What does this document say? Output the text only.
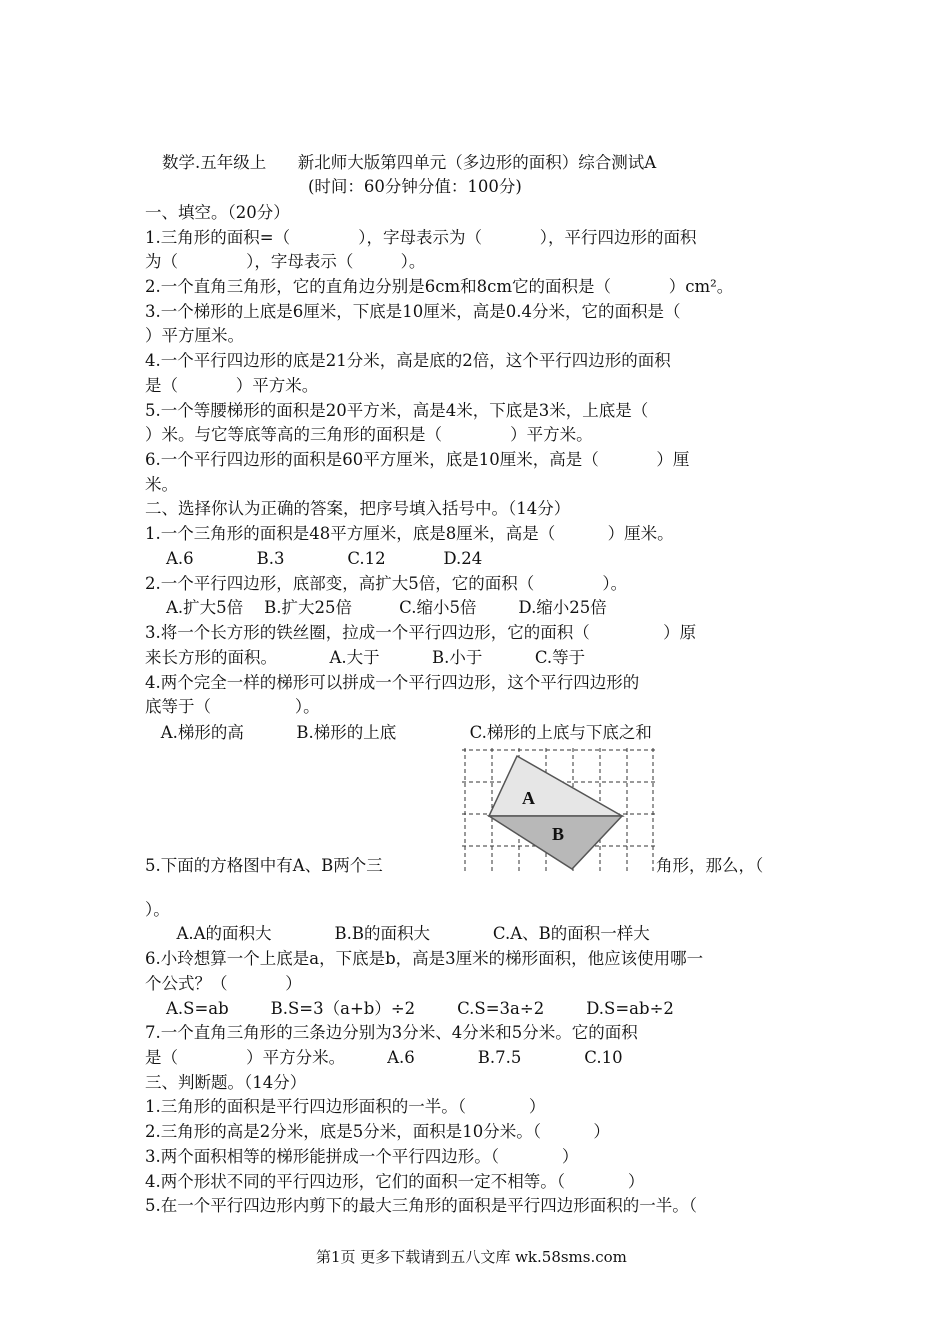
数学.五年级上      新北师大版第四单元（多边形的面积）综合测试A
(时间：60分钟分值：100分)
一、填空。（20分）
1.三角形的面积=（             ），字母表示为（           ），平行四边形的面积
为（             ），字母表示（         ）。
2.一个直角三角形，它的直角边分别是6cm和8cm它的面积是（           ）cm²。
3.一个梯形的上底是6厘米，下底是10厘米，高是0.4分米，它的面积是（
）平方厘米。
4.一个平行四边形的底是21分米，高是底的2倍，这个平行四边形的面积
是（           ）平方米。
5.一个等腰梯形的面积是20平方米，高是4米，下底是3米，上底是（
）米。与它等底等高的三角形的面积是（             ）平方米。
6.一个平行四边形的面积是60平方厘米，底是10厘米，高是（           ）厘
米。
二、选择你认为正确的答案，把序号填入括号中。（14分）
1.一个三角形的面积是48平方厘米，底是8厘米，高是（          ）厘米。
A.6            B.3            C.12           D.24
2.一个平行四边形，底部变，高扩大5倍，它的面积（             ）。
A.扩大5倍    B.扩大25倍         C.缩小5倍        D.缩小25倍
3.将一个长方形的铁丝圈，拉成一个平行四边形，它的面积（              ）原
来长方形的面积。          A.大于          B.小于          C.等于
4.两个完全一样的梯形可以拼成一个平行四边形，这个平行四边形的
底等于（                ）。
A.梯形的高          B.梯形的上底              C.梯形的上底与下底之和
A
B
5.下面的方格图中有A、B两个三	角形，那么，（
）。
A.A的面积大            B.B的面积大            C.A、B的面积一样大
6.小玲想算一个上底是a，下底是b，高是3厘米的梯形面积，他应该使用哪一
个公式？（           ）
A.S=ab        B.S=3（a+b）÷2        C.S=3a÷2        D.S=ab÷2
7.一个直角三角形的三条边分别为3分米、4分米和5分米。它的面积
是（             ）平方分米。        A.6            B.7.5            C.10
三、判断题。（14分）
1.三角形的面积是平行四边形面积的一半。（            ）
2.三角形的高是2分米，底是5分米，面积是10分米。（          ）
3.两个面积相等的梯形能拼成一个平行四边形。（            ）
4.两个形状不同的平行四边形，它们的面积一定不相等。（            ）
5.在一个平行四边形内剪下的最大三角形的面积是平行四边形面积的一半。（
第1页 更多下载请到五八文库 wk.58sms.com
